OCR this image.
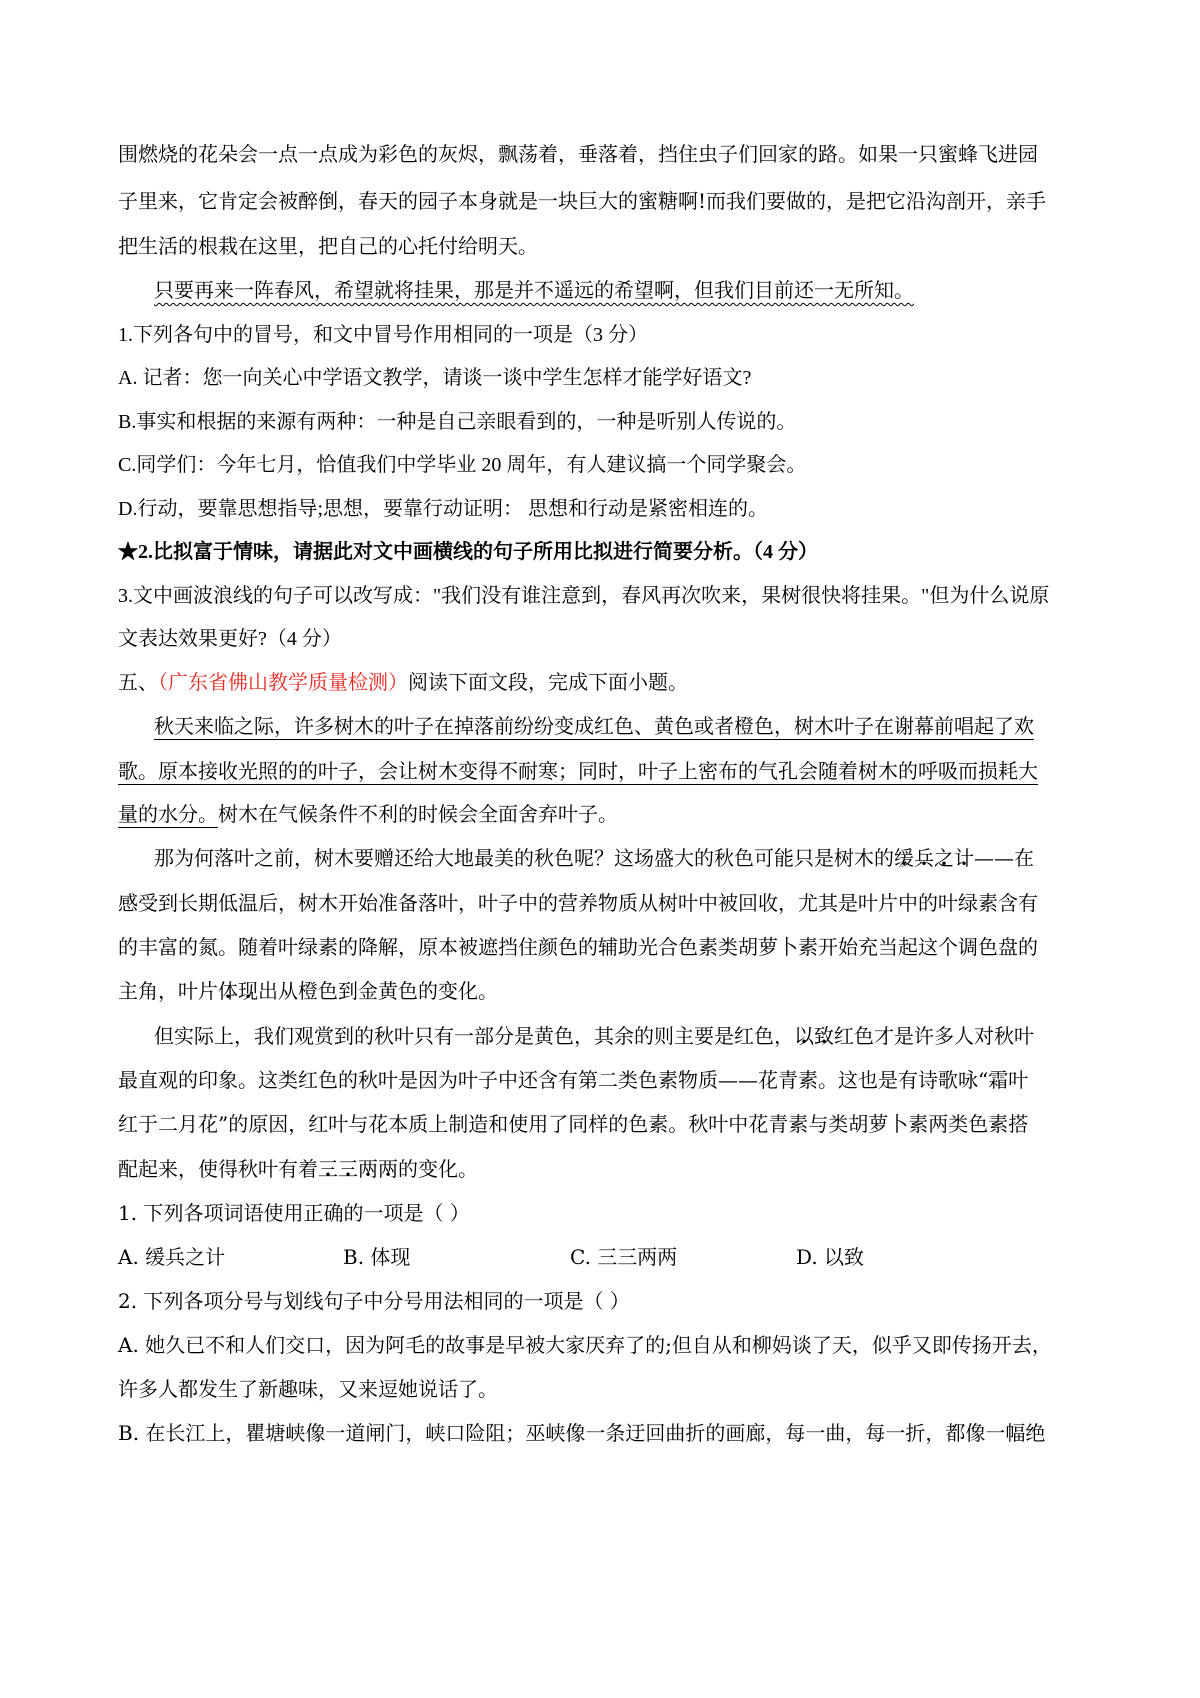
围燃烧的花朵会一点一点成为彩色的灰烬，飘荡着，垂落着，挡住虫子们回家的路。如果一只蜜蜂飞进园
子里来，它肯定会被醉倒，春天的园子本身就是一块巨大的蜜糖啊!而我们要做的，是把它沿沟剖开，亲手
把生活的根栽在这里，把自己的心托付给明天。
只要再来一阵春风，希望就将挂果，那是并不遥远的希望啊，但我们目前还一无所知。
1.下列各句中的冒号，和文中冒号作用相同的一项是（3 分）
A. 记者：您一向关心中学语文教学，请谈一谈中学生怎样才能学好语文?
B.事实和根据的来源有两种：一种是自己亲眼看到的，一种是听别人传说的。
C.同学们：今年七月，恰值我们中学毕业 20 周年，有人建议搞一个同学聚会。
D.行动，要靠思想指导;思想，要靠行动证明： 思想和行动是紧密相连的。
★2.比拟富于情味，请据此对文中画横线的句子所用比拟进行简要分析。（4 分）
3.文中画波浪线的句子可以改写成："我们没有谁注意到，春风再次吹来，果树很快将挂果。"但为什么说原
文表达效果更好?（4 分）
五、（广东省佛山教学质量检测）阅读下面文段，完成下面小题。
秋天来临之际，许多树木的叶子在掉落前纷纷变成红色、黄色或者橙色，树木叶子在谢幕前唱起了欢
歌。原本接收光照的的叶子，会让树木变得不耐寒；同时，叶子上密布的气孔会随着树木的呼吸而损耗大
量的水分。树木在气候条件不利的时候会全面舍弃叶子。
那为何落叶之前，树木要赠还给大地最美的秋色呢？这场盛大的秋色可能只是树木的缓兵之计——在
感受到长期低温后，树木开始准备落叶，叶子中的营养物质从树叶中被回收，尤其是叶片中的叶绿素含有
的丰富的氮。随着叶绿素的降解，原本被遮挡住颜色的辅助光合色素类胡萝卜素开始充当起这个调色盘的
主角，叶片体现出从橙色到金黄色的变化。
但实际上，我们观赏到的秋叶只有一部分是黄色，其余的则主要是红色，以致红色才是许多人对秋叶
最直观的印象。这类红色的秋叶是因为叶子中还含有第二类色素物质——花青素。这也是有诗歌咏“霜叶
红于二月花”的原因，红叶与花本质上制造和使用了同样的色素。秋叶中花青素与类胡萝卜素两类色素搭
配起来，使得秋叶有着三三两两的变化。
1. 下列各项词语使用正确的一项是（ ）
A. 缓兵之计	B. 体现	C. 三三两两	D. 以致
2. 下列各项分号与划线句子中分号用法相同的一项是（ ）
A. 她久已不和人们交口，因为阿毛的故事是早被大家厌弃了的;但自从和柳妈谈了天，似乎又即传扬开去，
许多人都发生了新趣味，又来逗她说话了。
B. 在长江上，瞿塘峡像一道闸门，峡口险阻；巫峡像一条迂回曲折的画廊，每一曲，每一折，都像一幅绝
